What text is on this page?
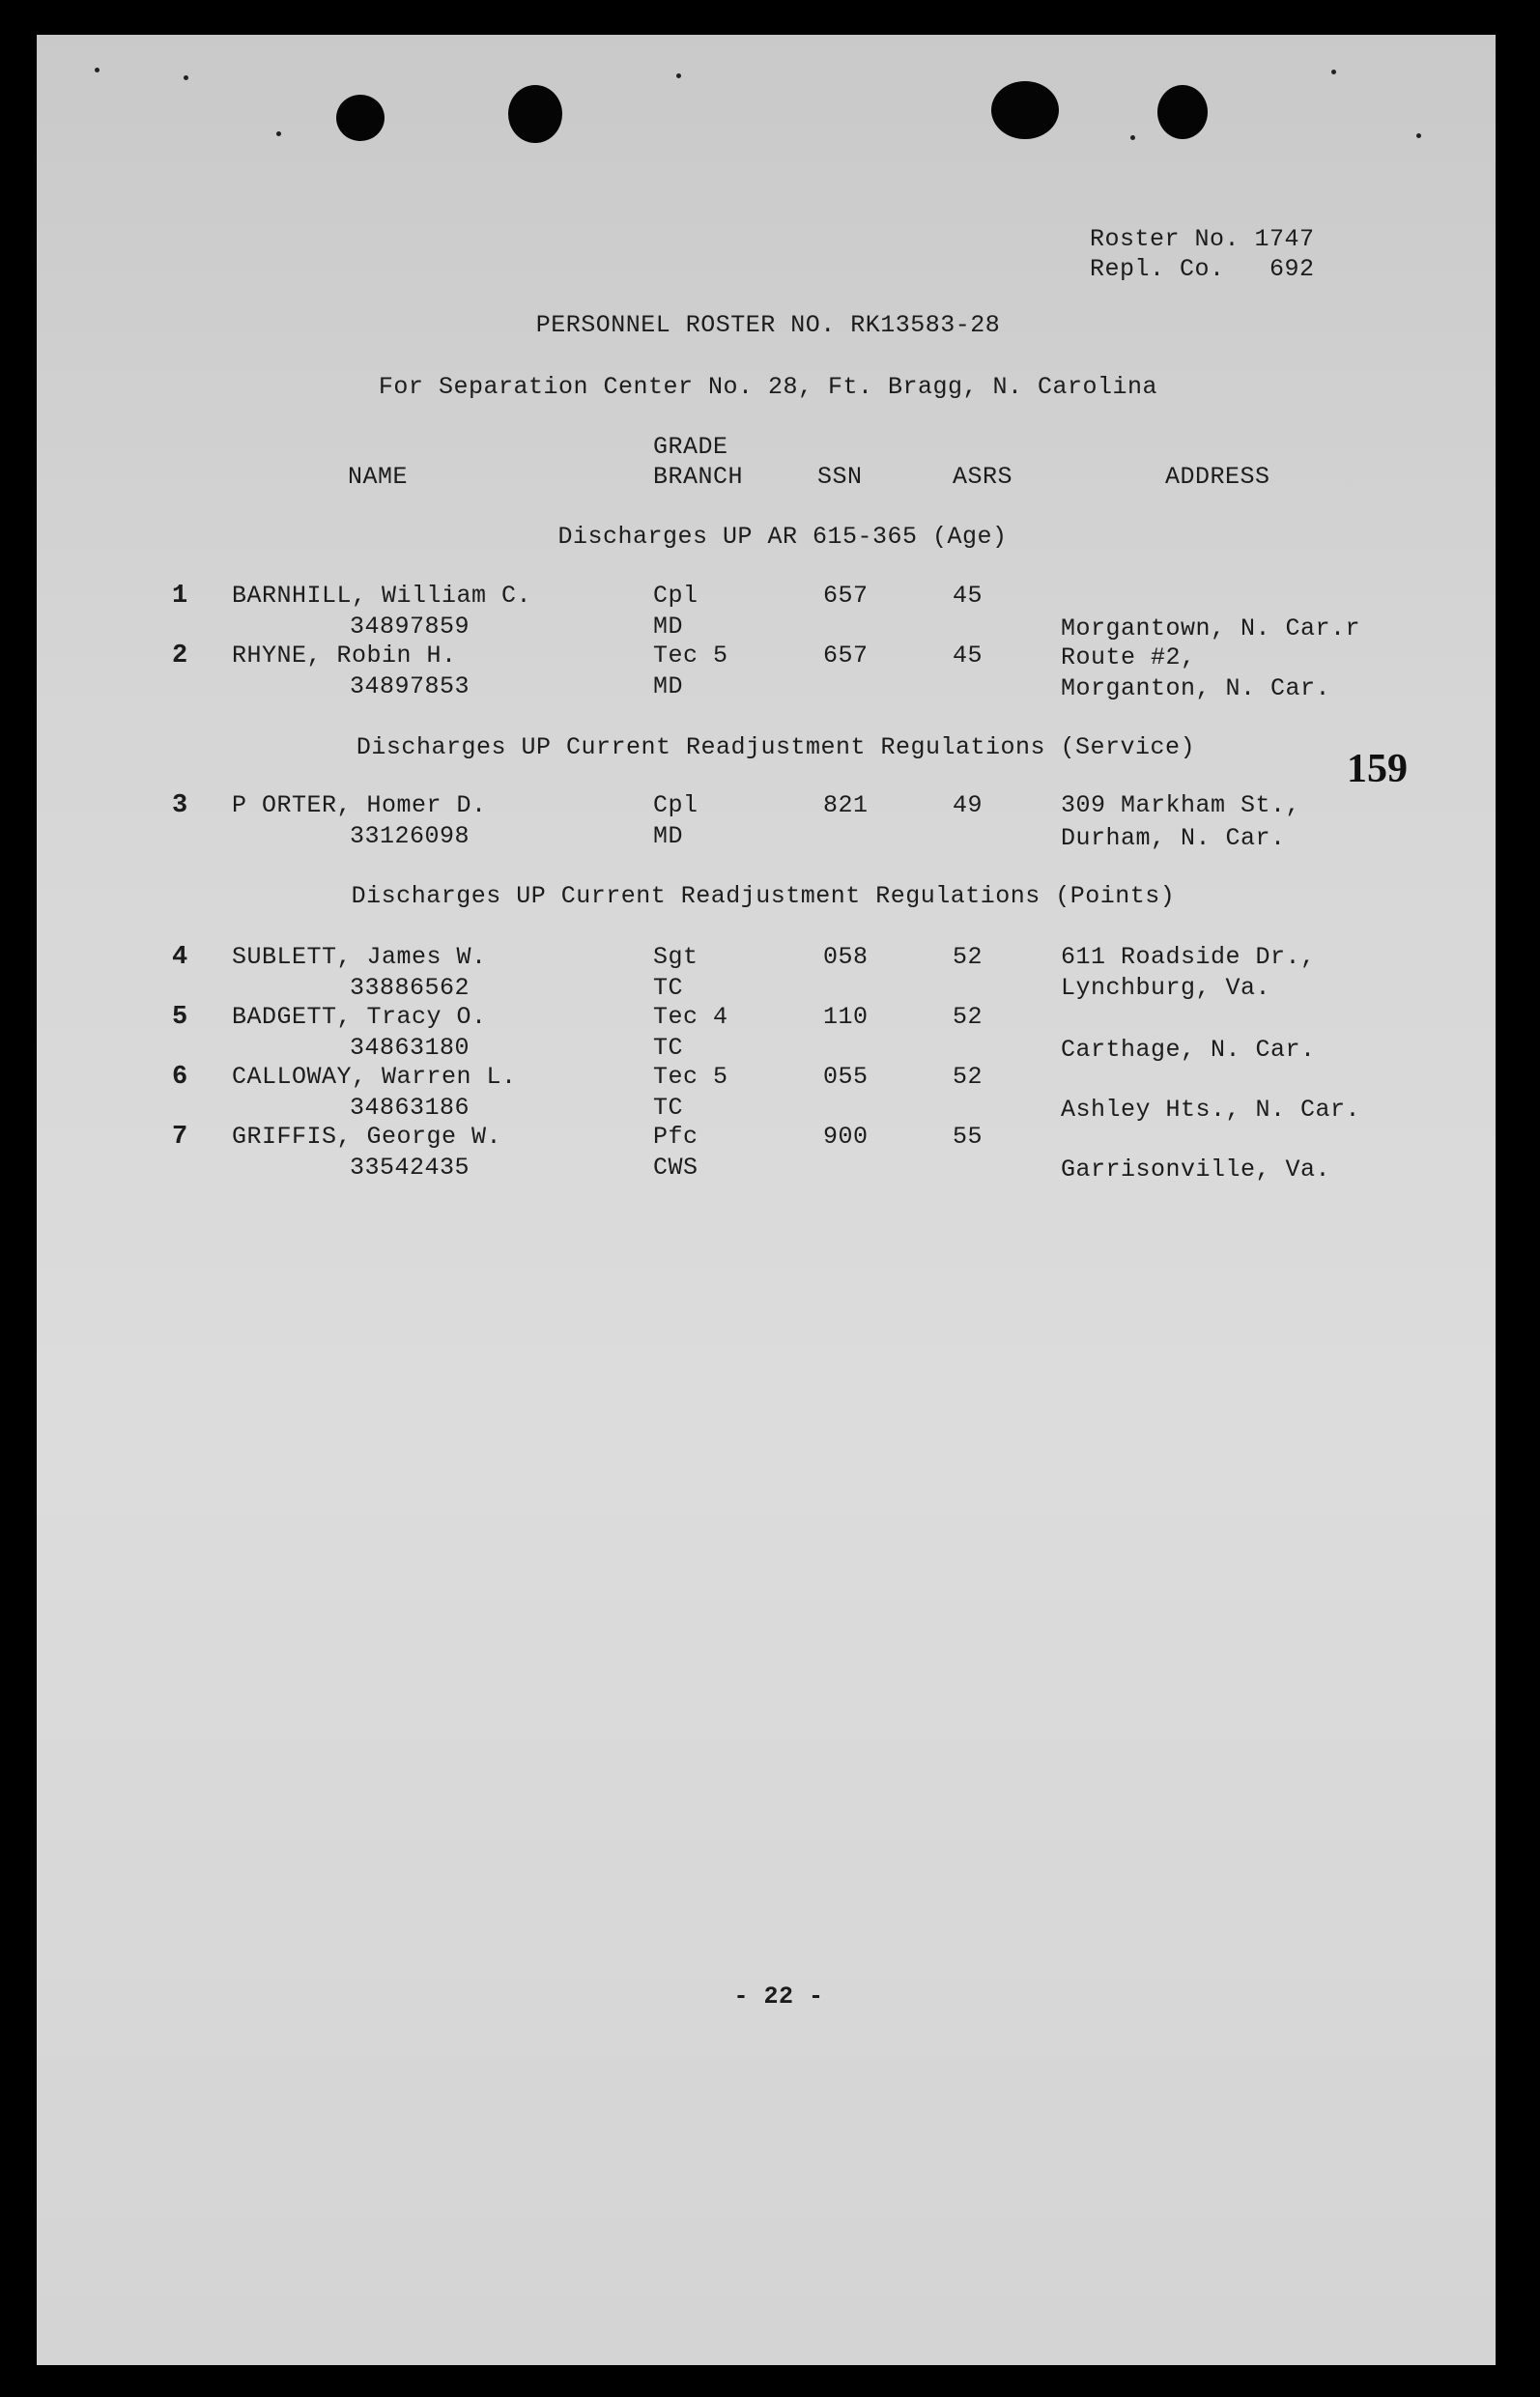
Roster No. 1747
Repl. Co.   692
PERSONNEL ROSTER NO. RK13583-28
For Separation Center No. 28, Ft. Bragg, N. Carolina
GRADE
NAME	BRANCH	SSN	ASRS	ADDRESS
Discharges UP AR 615-365 (Age)
1 BARNHILL, William C.	Cpl	657	45
34897859	MD	Morgantown, N. Car.r
2 RHYNE, Robin H.	Tec 5	657	45	Route #2,
34897853	MD	Morganton, N. Car.
Discharges UP Current Readjustment Regulations (Service)	159
3 P ORTER, Homer D.	Cpl	821	49	309 Markham St.,
33126098	MD	Durham, N. Car.
Discharges UP Current Readjustment Regulations (Points)
4 SUBLETT, James W.	Sgt	058	52	611 Roadside Dr.,
33886562	TC	Lynchburg, Va.
5 BADGETT, Tracy O.	Tec 4	110	52
34863180	TC	Carthage, N. Car.
6 CALLOWAY, Warren L.	Tec 5	055	52
34863186	TC	Ashley Hts., N. Car.
7 GRIFFIS, George W.	Pfc	900	55
33542435	CWS	Garrisonville, Va.
- 22 -
